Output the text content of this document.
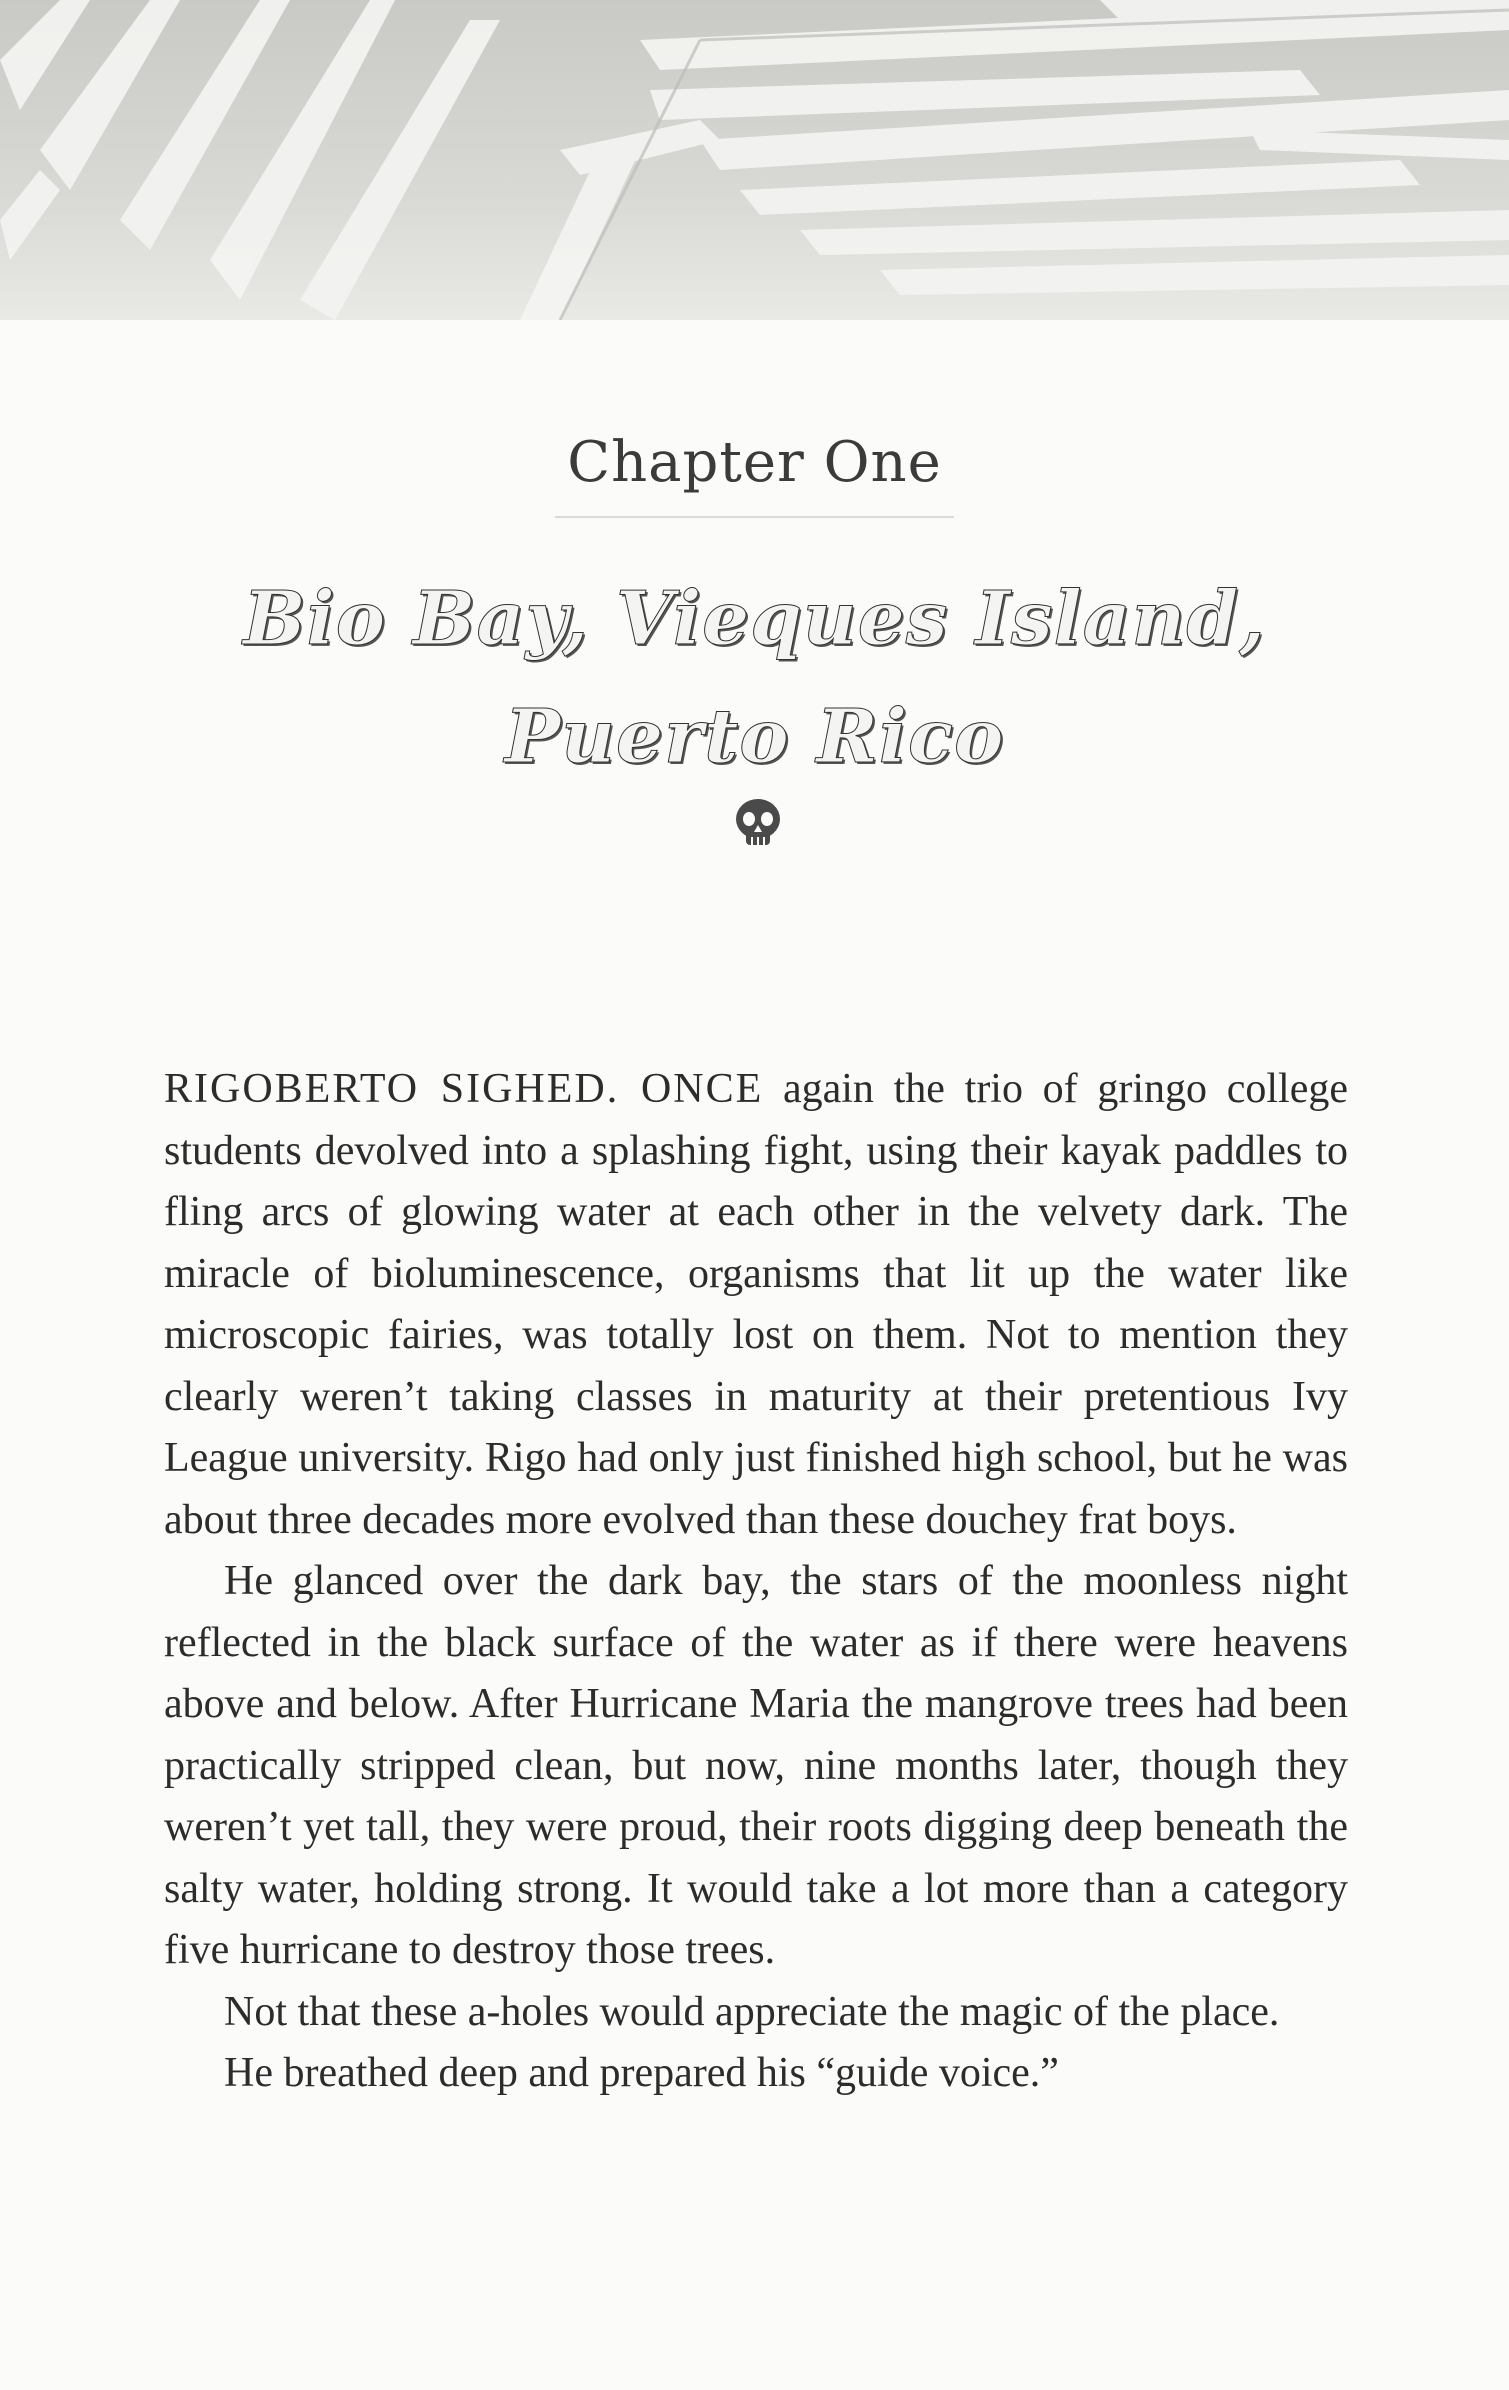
Chapter One
Bio Bay, Vieques Island,
Puerto Rico

RIGOBERTO SIGHED. ONCE again the trio of gringo college students devolved into a splashing fight, using their kayak paddles to fling arcs of glowing water at each other in the velvety dark. The miracle of bioluminescence, organisms that lit up the water like microscopic fairies, was totally lost on them. Not to mention they clearly weren’t taking classes in maturity at their pretentious Ivy League university. Rigo had only just finished high school, but he was about three decades more evolved than these douchey frat boys.

He glanced over the dark bay, the stars of the moonless night reflected in the black surface of the water as if there were heavens above and below. After Hurricane Maria the mangrove trees had been practically stripped clean, but now, nine months later, though they weren’t yet tall, they were proud, their roots digging deep beneath the salty water, holding strong. It would take a lot more than a category five hurricane to destroy those trees.

Not that these a-holes would appreciate the magic of the place.

He breathed deep and prepared his “guide voice.”
